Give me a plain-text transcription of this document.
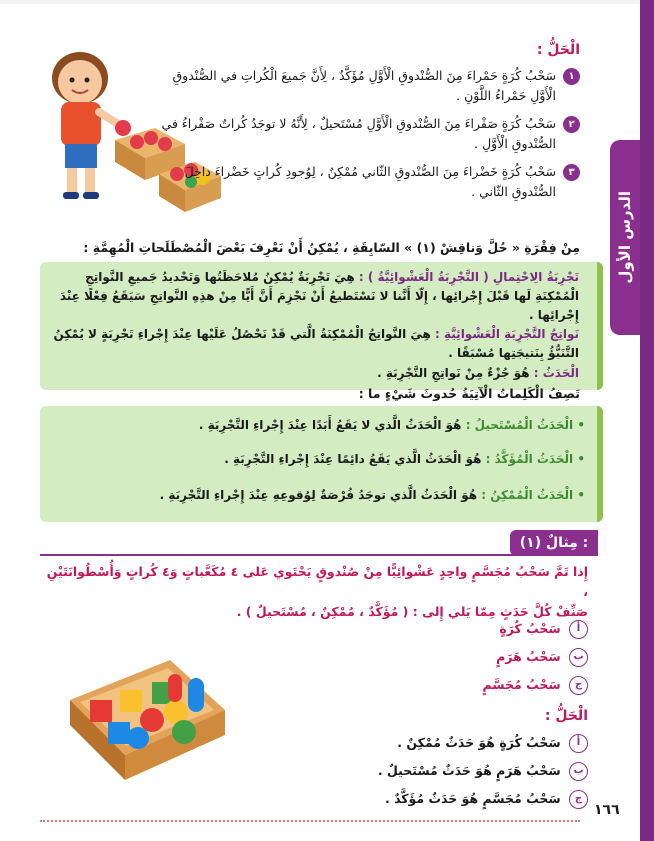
الدرس الأول
الْحَلُّ :
١
سَحْبُ كُرَةٍ حَمْراءَ مِنَ الصُّنْدوقِ الْأَوَّلِ مُؤَكَّدٌ ، لِأَنَّ جَميعَ الْكُراتِ في الصُّنْدوقِ الْأَوَّلِ حَمْراءُ اللَّوْنِ .
٢
سَحْبُ كُرَةٍ صَفْراءَ مِنَ الصُّنْدوقِ الْأَوَّلِ مُسْتَحيلٌ ، لِأَنَّهُ لا توجَدُ كُراتٌ صَفْراءُ في الصُّنْدوقِ الْأَوَّلِ .
٣
سَحْبُ كُرَةٍ خَضْراءَ مِنَ الصُّنْدوقِ الثّاني مُمْكِنٌ ، لِوُجودِ كُراتٍ خَضْراءَ داخِلَ الصُّنْدوقِ الثّاني .
مِنْ فِقْرَةِ « حُلَّ وَناقِشْ (١) » السّابِقَةِ ، يُمْكِنُ أَنْ نَعْرِفَ بَعْضَ الْمُصْطَلَحاتِ الْمُهِمَّةِ :
تَجْرِبَةُ الِاحْتِمالِ ( التَّجْرِبَةُ الْعَشْوائِيَّةُ ) : هِيَ تَجْرِبَةٌ يُمْكِنُ مُلاحَظَتُها وَتَحْديدُ جَميعِ النَّواتِجِ الْمُمْكِنَةِ لَها قَبْلَ إِجْرائِها ، إِلّا أَنَّنا لا نَسْتَطيعُ أَنْ نَجْزِمَ أَنَّ أَيًّا مِنْ هذِهِ النَّواتِجِ سَيَقَعُ فِعْلًا عِنْدَ إِجْرائِها .
نَواتِجُ التَّجْرِبَةِ الْعَشْوائِيَّةِ : هِيَ النَّواتِجُ الْمُمْكِنَةُ الَّتي قَدْ نَحْصُلُ عَلَيْها عِنْدَ إِجْراءِ تَجْرِبَةٍ لا يُمْكِنُ التَّنَبُّؤُ بِنَتيجَتِها مُسْبَقًا .
الْحَدَثُ : هُوَ جُزْءٌ مِنْ نَواتِجِ التَّجْرِبَةِ .
تَصِفُ الْكَلِماتُ الْآتِيَةُ حُدوثَ شَيْءٍ ما :
• الْحَدَثُ الْمُسْتَحيلُ : هُوَ الْحَدَثُ الَّذي لا يَقَعُ أَبَدًا عِنْدَ إِجْراءِ التَّجْرِبَةِ .
• الْحَدَثُ الْمُؤَكَّدُ : هُوَ الْحَدَثُ الَّذي يَقَعُ دائِمًا عِنْدَ إِجْراءِ التَّجْرِبَةِ .
• الْحَدَثُ الْمُمْكِنُ : هُوَ الْحَدَثُ الَّذي توجَدُ فُرْصَةٌ لِوُقوعِهِ عِنْدَ إِجْراءِ التَّجْرِبَةِ .
مِثالٌ (١) :
إِذا تَمَّ سَحْبُ مُجَسَّمٍ واحِدٍ عَشْوائِيًّا مِنْ صُنْدوقٍ يَحْتَوي عَلى ٤ مُكَعَّباتٍ وَ٤ كُراتٍ وَأُسْطُوانَتَيْنِ ،
صَنِّفْ كُلَّ حَدَثٍ مِمّا يَلي إِلى : ( مُؤَكَّدٌ ، مُمْكِنٌ ، مُسْتَحيلٌ ) .
أ سَحْبُ كُرَةٍ
ب سَحْبُ هَرَمٍ
ج سَحْبُ مُجَسَّمٍ
الْحَلُّ :
أ سَحْبُ كُرَةٍ هُوَ حَدَثٌ مُمْكِنٌ .
ب سَحْبُ هَرَمٍ هُوَ حَدَثٌ مُسْتَحيلٌ .
ج سَحْبُ مُجَسَّمٍ هُوَ حَدَثٌ مُؤَكَّدٌ .
١٦٦
